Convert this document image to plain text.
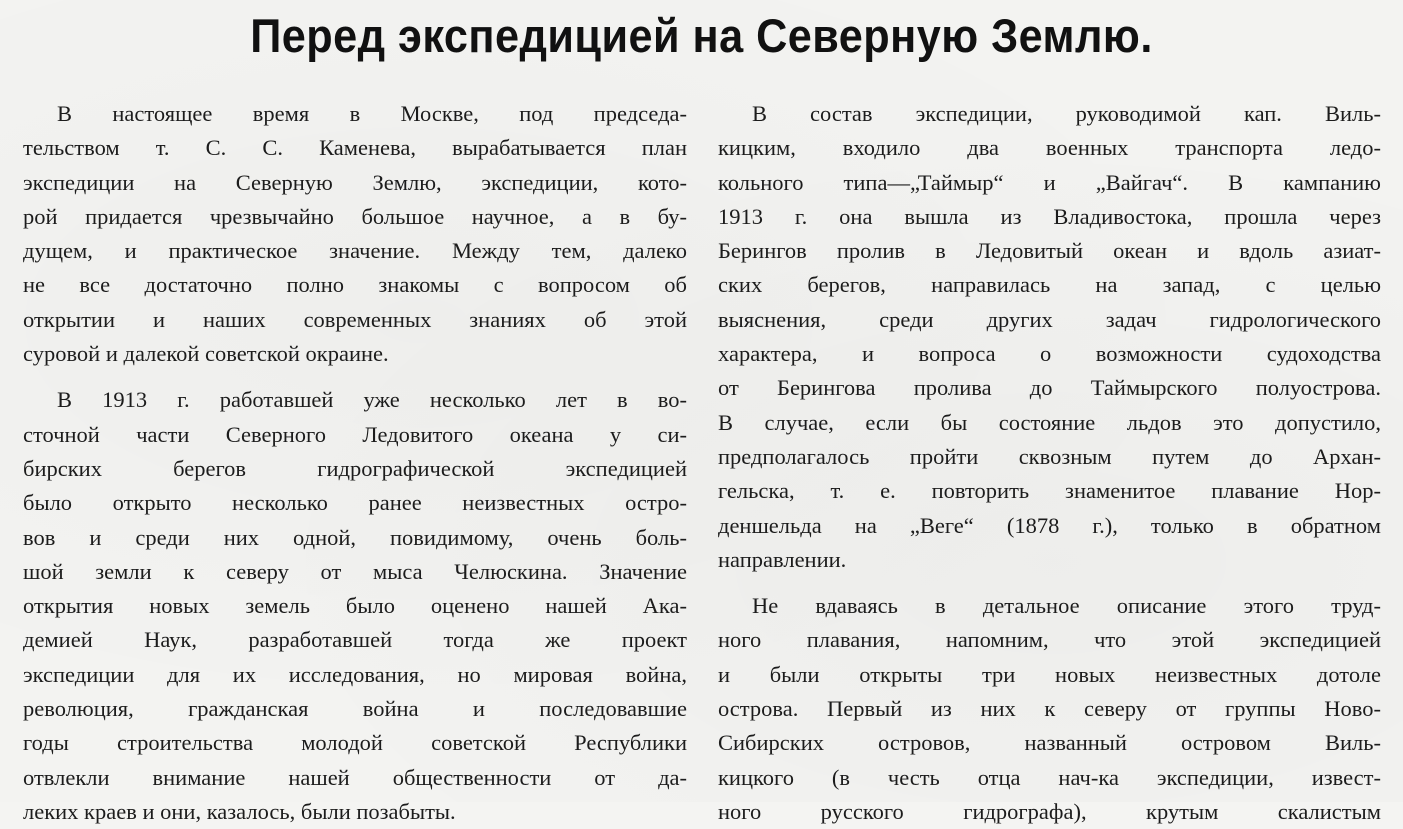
Перед экспедицией на Северную Землю.
В настоящее время в Москве, под председа-
тельством т. С. С. Каменева, вырабатывается план
экспедиции на Северную Землю, экспедиции, кото-
рой придается чрезвычайно большое научное, а в бу-
дущем, и практическое значение. Между тем, далеко
не все достаточно полно знакомы с вопросом об
открытии и наших современных знаниях об этой
суровой и далекой советской окраине.
В 1913 г. работавшей уже несколько лет в во-
сточной части Северного Ледовитого океана у си-
бирских берегов гидрографической экспедицией
было открыто несколько ранее неизвестных остро-
вов и среди них одной, повидимому, очень боль-
шой земли к северу от мыса Челюскина. Значение
открытия новых земель было оценено нашей Ака-
демией Наук, разработавшей тогда же проект
экспедиции для их исследования, но мировая война,
революция, гражданская война и последовавшие
годы строительства молодой советской Республики
отвлекли внимание нашей общественности от да-
леких краев и они, казалось, были позабыты.
В состав экспедиции, руководимой кап. Виль-
кицким, входило два военных транспорта ледо-
кольного типа—„Таймыр“ и „Вайгач“. В кампанию
1913 г. она вышла из Владивостока, прошла через
Берингов пролив в Ледовитый океан и вдоль азиат-
ских берегов, направилась на запад, с целью
выяснения, среди других задач гидрологического
характера, и вопроса о возможности судоходства
от Берингова пролива до Таймырского полуострова.
В случае, если бы состояние льдов это допустило,
предполагалось пройти сквозным путем до Архан-
гельска, т. е. повторить знаменитое плавание Нор-
деншельда на „Веге“ (1878 г.), только в обратном
направлении.
Не вдаваясь в детальное описание этого труд-
ного плавания, напомним, что этой экспедицией
и были открыты три новых неизвестных дотоле
острова. Первый из них к северу от группы Ново-
Сибирских островов, названный островом Виль-
кицкого (в честь отца нач-ка экспедиции, извест-
ного русского гидрографа), крутым скалистым
